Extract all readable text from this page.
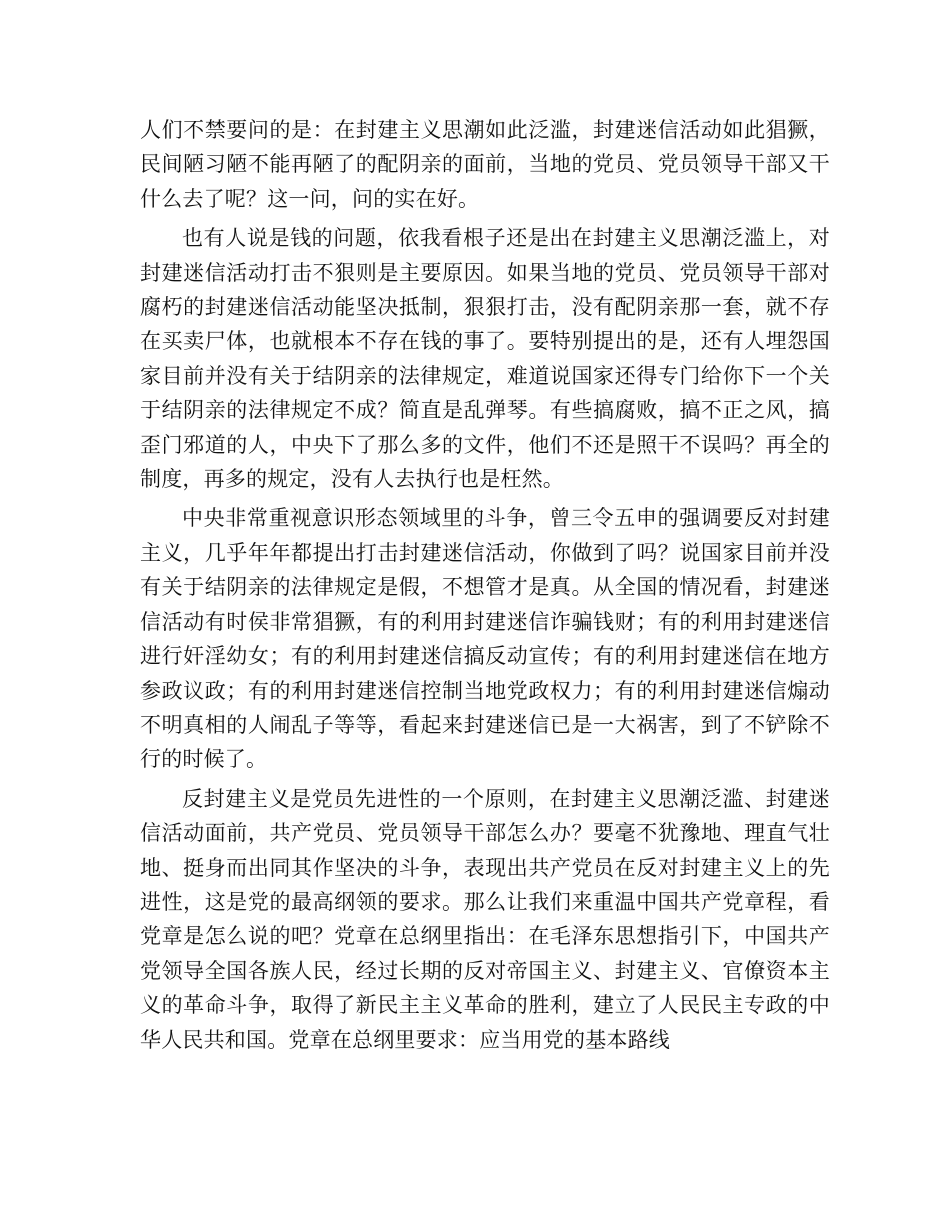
人们不禁要问的是：在封建主义思潮如此泛滥，封建迷信活动如此猖獗，民间陋习陋不能再陋了的配阴亲的面前，当地的党员、党员领导干部又干什么去了呢？这一问，问的实在好。

也有人说是钱的问题，依我看根子还是出在封建主义思潮泛滥上，对封建迷信活动打击不狠则是主要原因。如果当地的党员、党员领导干部对腐朽的封建迷信活动能坚决抵制，狠狠打击，没有配阴亲那一套，就不存在买卖尸体，也就根本不存在钱的事了。要特别提出的是，还有人埋怨国家目前并没有关于结阴亲的法律规定，难道说国家还得专门给你下一个关于结阴亲的法律规定不成？简直是乱弹琴。有些搞腐败，搞不正之风，搞歪门邪道的人，中央下了那么多的文件，他们不还是照干不误吗？再全的制度，再多的规定，没有人去执行也是枉然。

中央非常重视意识形态领域里的斗争，曾三令五申的强调要反对封建主义，几乎年年都提出打击封建迷信活动，你做到了吗？说国家目前并没有关于结阴亲的法律规定是假，不想管才是真。从全国的情况看，封建迷信活动有时侯非常猖獗，有的利用封建迷信诈骗钱财；有的利用封建迷信进行奸淫幼女；有的利用封建迷信搞反动宣传；有的利用封建迷信在地方参政议政；有的利用封建迷信控制当地党政权力；有的利用封建迷信煽动不明真相的人闹乱子等等，看起来封建迷信已是一大祸害，到了不铲除不行的时候了。

反封建主义是党员先进性的一个原则，在封建主义思潮泛滥、封建迷信活动面前，共产党员、党员领导干部怎么办？要毫不犹豫地、理直气壮地、挺身而出同其作坚决的斗争，表现出共产党员在反对封建主义上的先进性，这是党的最高纲领的要求。那么让我们来重温中国共产党章程，看党章是怎么说的吧？党章在总纲里指出：在毛泽东思想指引下，中国共产党领导全国各族人民，经过长期的反对帝国主义、封建主义、官僚资本主义的革命斗争，取得了新民主主义革命的胜利，建立了人民民主专政的中华人民共和国。党章在总纲里要求：应当用党的基本路线
